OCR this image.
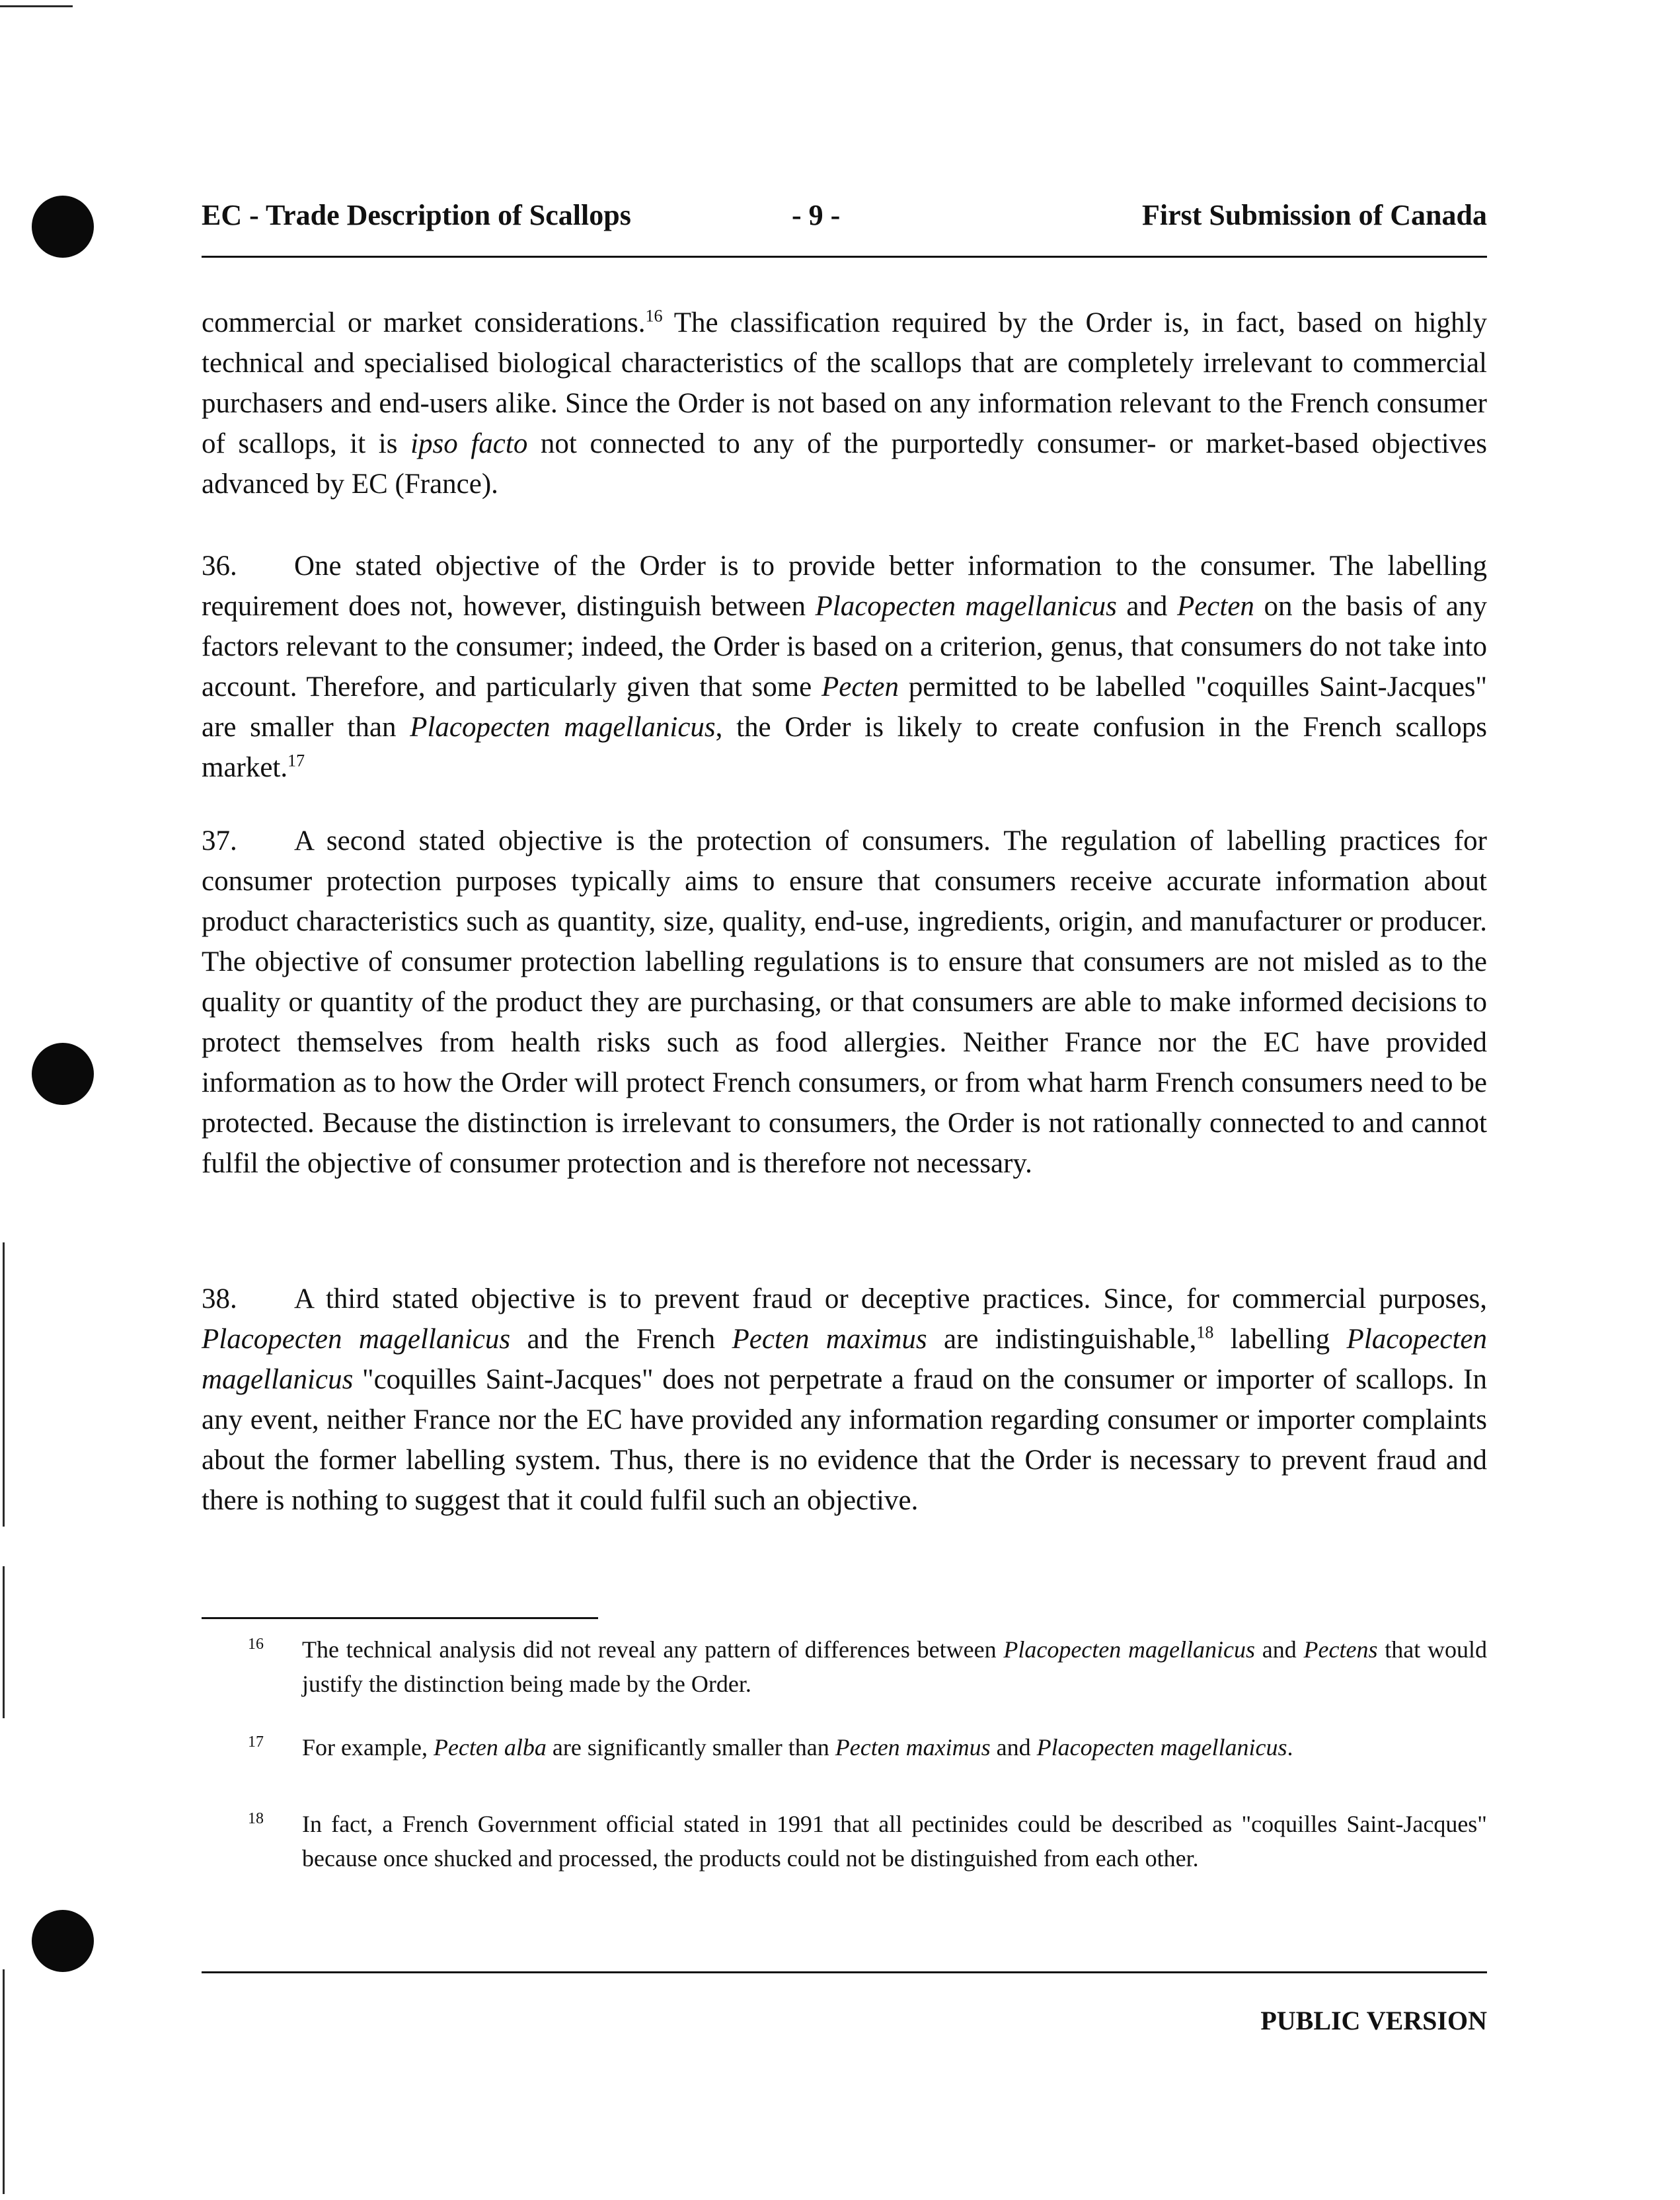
EC - Trade Description of Scallops	- 9 -	First Submission of Canada

commercial or market considerations.$^{16}$ The classification required by the Order is, in fact, based on highly technical and specialised biological characteristics of the scallops that are completely irrelevant to commercial purchasers and end-users alike. Since the Order is not based on any information relevant to the French consumer of scallops, it is ipso facto not connected to any of the purportedly consumer- or market-based objectives advanced by EC (France).

36. One stated objective of the Order is to provide better information to the consumer. The labelling requirement does not, however, distinguish between Placopecten magellanicus and Pecten on the basis of any factors relevant to the consumer; indeed, the Order is based on a criterion, genus, that consumers do not take into account. Therefore, and particularly given that some Pecten permitted to be labelled "coquilles Saint-Jacques" are smaller than Placopecten magellanicus, the Order is likely to create confusion in the French scallops market.$^{17}$

37. A second stated objective is the protection of consumers. The regulation of labelling practices for consumer protection purposes typically aims to ensure that consumers receive accurate information about product characteristics such as quantity, size, quality, end-use, ingredients, origin, and manufacturer or producer. The objective of consumer protection labelling regulations is to ensure that consumers are not misled as to the quality or quantity of the product they are purchasing, or that consumers are able to make informed decisions to protect themselves from health risks such as food allergies. Neither France nor the EC have provided information as to how the Order will protect French consumers, or from what harm French consumers need to be protected. Because the distinction is irrelevant to consumers, the Order is not rationally connected to and cannot fulfil the objective of consumer protection and is therefore not necessary.

38. A third stated objective is to prevent fraud or deceptive practices. Since, for commercial purposes, Placopecten magellanicus and the French Pecten maximus are indistinguishable,$^{18}$ labelling Placopecten magellanicus "coquilles Saint-Jacques" does not perpetrate a fraud on the consumer or importer of scallops. In any event, neither France nor the EC have provided any information regarding consumer or importer complaints about the former labelling system. Thus, there is no evidence that the Order is necessary to prevent fraud and there is nothing to suggest that it could fulfil such an objective.

16 The technical analysis did not reveal any pattern of differences between Placopecten magellanicus and Pectens that would justify the distinction being made by the Order.
17 For example, Pecten alba are significantly smaller than Pecten maximus and Placopecten magellanicus.
18 In fact, a French Government official stated in 1991 that all pectinides could be described as "coquilles Saint-Jacques" because once shucked and processed, the products could not be distinguished from each other.
PUBLIC VERSION
